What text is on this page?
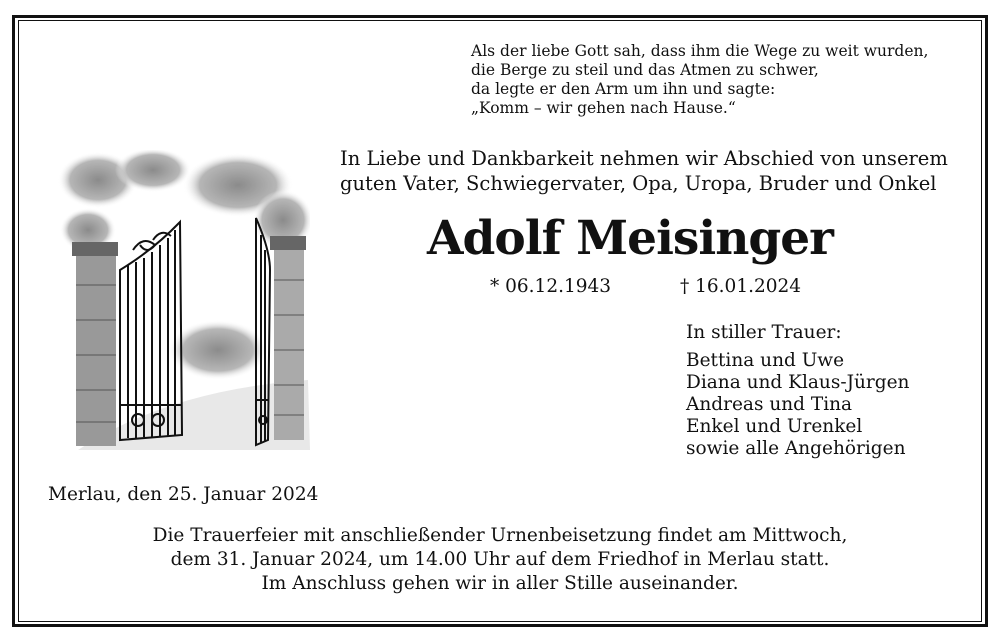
Als der liebe Gott sah, dass ihm die Wege zu weit wurden,
die Berge zu steil und das Atmen zu schwer,
da legte er den Arm um ihn und sagte:
„Komm – wir gehen nach Hause.“
In Liebe und Dankbarkeit nehmen wir Abschied von unserem
guten Vater, Schwiegervater, Opa, Uropa, Bruder und Onkel
Adolf Meisinger
* 06.12.1943	† 16.01.2024
In stiller Trauer:
Bettina und Uwe
Diana und Klaus-Jürgen
Andreas und Tina
Enkel und Urenkel
sowie alle Angehörigen
Merlau, den 25. Januar 2024
Die Trauerfeier mit anschließender Urnenbeisetzung findet am Mittwoch,
dem 31. Januar 2024, um 14.00 Uhr auf dem Friedhof in Merlau statt.
Im Anschluss gehen wir in aller Stille auseinander.
